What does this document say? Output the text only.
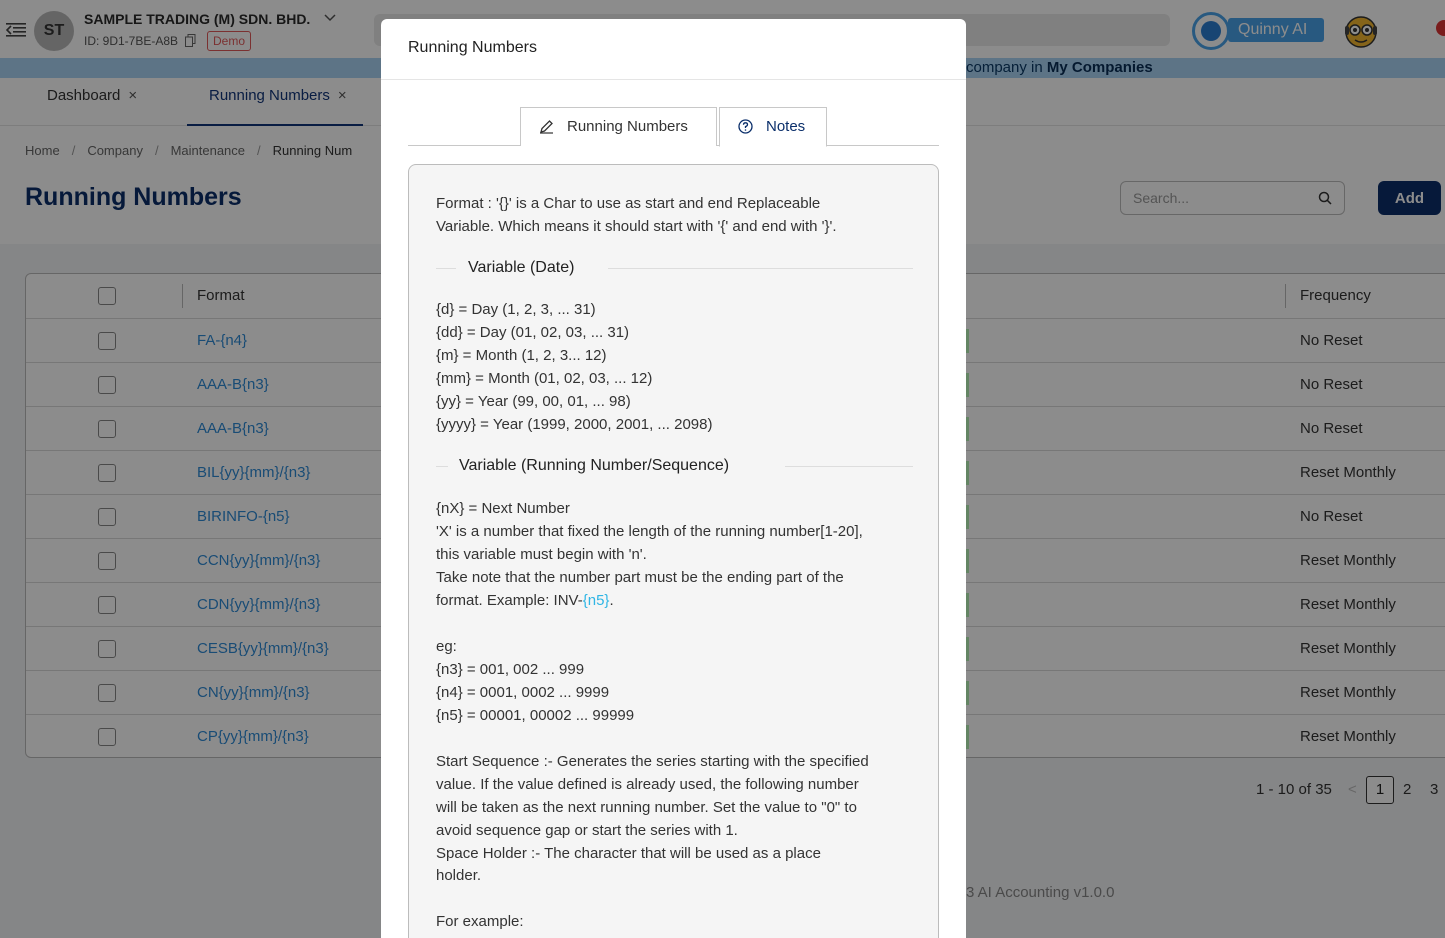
ST
SAMPLE TRADING (M) SDN. BHD.
ID: 9D1-7BE-A8B	Demo
Quinny AI
company in My Companies
Dashboard ×	Running Numbers ×
Home / Company / Maintenance / Running Num
Running Numbers	Search...	Add
Format	Frequency
FA-{n4}	No Reset
AAA-B{n3}	No Reset
AAA-B{n3}	No Reset
BIL{yy}{mm}/{n3}	Reset Monthly
BIRINFO-{n5}	No Reset
CCN{yy}{mm}/{n3}	Reset Monthly
CDN{yy}{mm}/{n3}	Reset Monthly
CESB{yy}{mm}/{n3}	Reset Monthly
CN{yy}{mm}/{n3}	Reset Monthly
CP{yy}{mm}/{n3}	Reset Monthly
1 - 10 of 35 <	1	2 3
3 AI Accounting v1.0.0
Running Numbers
Running Numbers	Notes
Format : '{}' is a Char to use as start and end Replaceable
Variable. Which means it should start with '{' and end with '}'.
Variable (Date)
{d} = Day (1, 2, 3, ... 31)
{dd} = Day (01, 02, 03, ... 31)
{m} = Month (1, 2, 3... 12)
{mm} = Month (01, 02, 03, ... 12)
{yy} = Year (99, 00, 01, ... 98)
{yyyy} = Year (1999, 2000, 2001, ... 2098)
Variable (Running Number/Sequence)
{nX} = Next Number
'X' is a number that fixed the length of the running number[1-20],
this variable must begin with 'n'.
Take note that the number part must be the ending part of the
format. Example: INV-{n5}.
eg:
{n3} = 001, 002 ... 999
{n4} = 0001, 0002 ... 9999
{n5} = 00001, 00002 ... 99999
Start Sequence :- Generates the series starting with the specified
value. If the value defined is already used, the following number
will be taken as the next running number. Set the value to "0" to
avoid sequence gap or start the series with 1.
Space Holder :- The character that will be used as a place
holder.
For example:
